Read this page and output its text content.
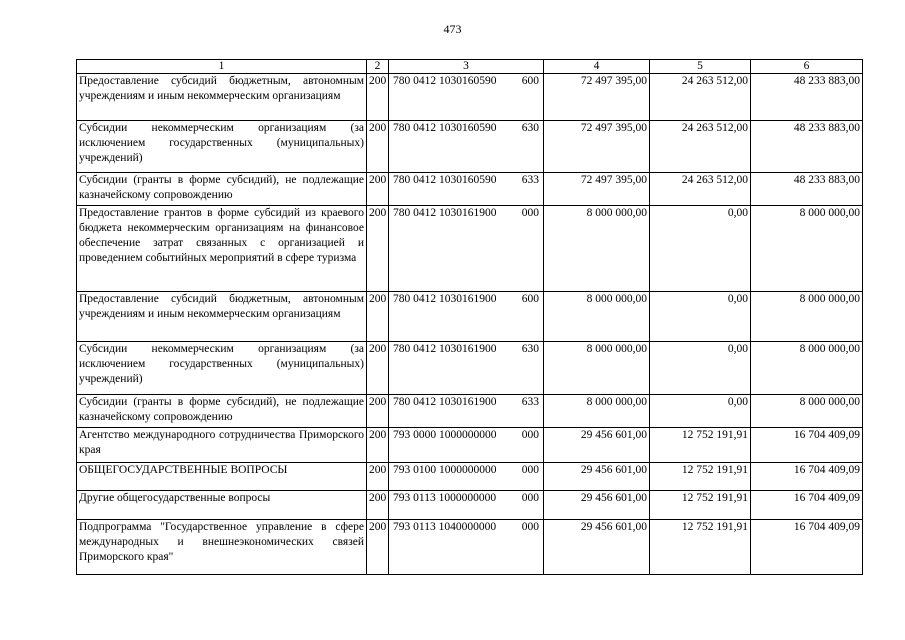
473
1	2	3	4	5	6
Предоставление субсидий бюджетным, автономным учреждениям и иным некоммерческим организациям	200	780 0412 1030160590 600	72 497 395,00	24 263 512,00	48 233 883,00
Субсидии некоммерческим организациям (за исключением государственных (муниципальных) учреждений)	200	780 0412 1030160590 630	72 497 395,00	24 263 512,00	48 233 883,00
Субсидии (гранты в форме субсидий), не подлежащие казначейскому сопровождению	200	780 0412 1030160590 633	72 497 395,00	24 263 512,00	48 233 883,00
Предоставление грантов в форме субсидий из краевого бюджета некоммерческим организациям на финансовое обеспечение затрат связанных с организацией и проведением событийных мероприятий в сфере туризма	200	780 0412 1030161900 000	8 000 000,00	0,00	8 000 000,00
Предоставление субсидий бюджетным, автономным учреждениям и иным некоммерческим организациям	200	780 0412 1030161900 600	8 000 000,00	0,00	8 000 000,00
Субсидии некоммерческим организациям (за исключением государственных (муниципальных) учреждений)	200	780 0412 1030161900 630	8 000 000,00	0,00	8 000 000,00
Субсидии (гранты в форме субсидий), не подлежащие казначейскому сопровождению	200	780 0412 1030161900 633	8 000 000,00	0,00	8 000 000,00
Агентство международного сотрудничества Приморского края	200	793 0000 1000000000 000	29 456 601,00	12 752 191,91	16 704 409,09
ОБЩЕГОСУДАРСТВЕННЫЕ ВОПРОСЫ	200	793 0100 1000000000 000	29 456 601,00	12 752 191,91	16 704 409,09
Другие общегосударственные вопросы	200	793 0113 1000000000 000	29 456 601,00	12 752 191,91	16 704 409,09
Подпрограмма "Государственное управление в сфере международных и внешнеэкономических связей Приморского края"	200	793 0113 1040000000 000	29 456 601,00	12 752 191,91	16 704 409,09
